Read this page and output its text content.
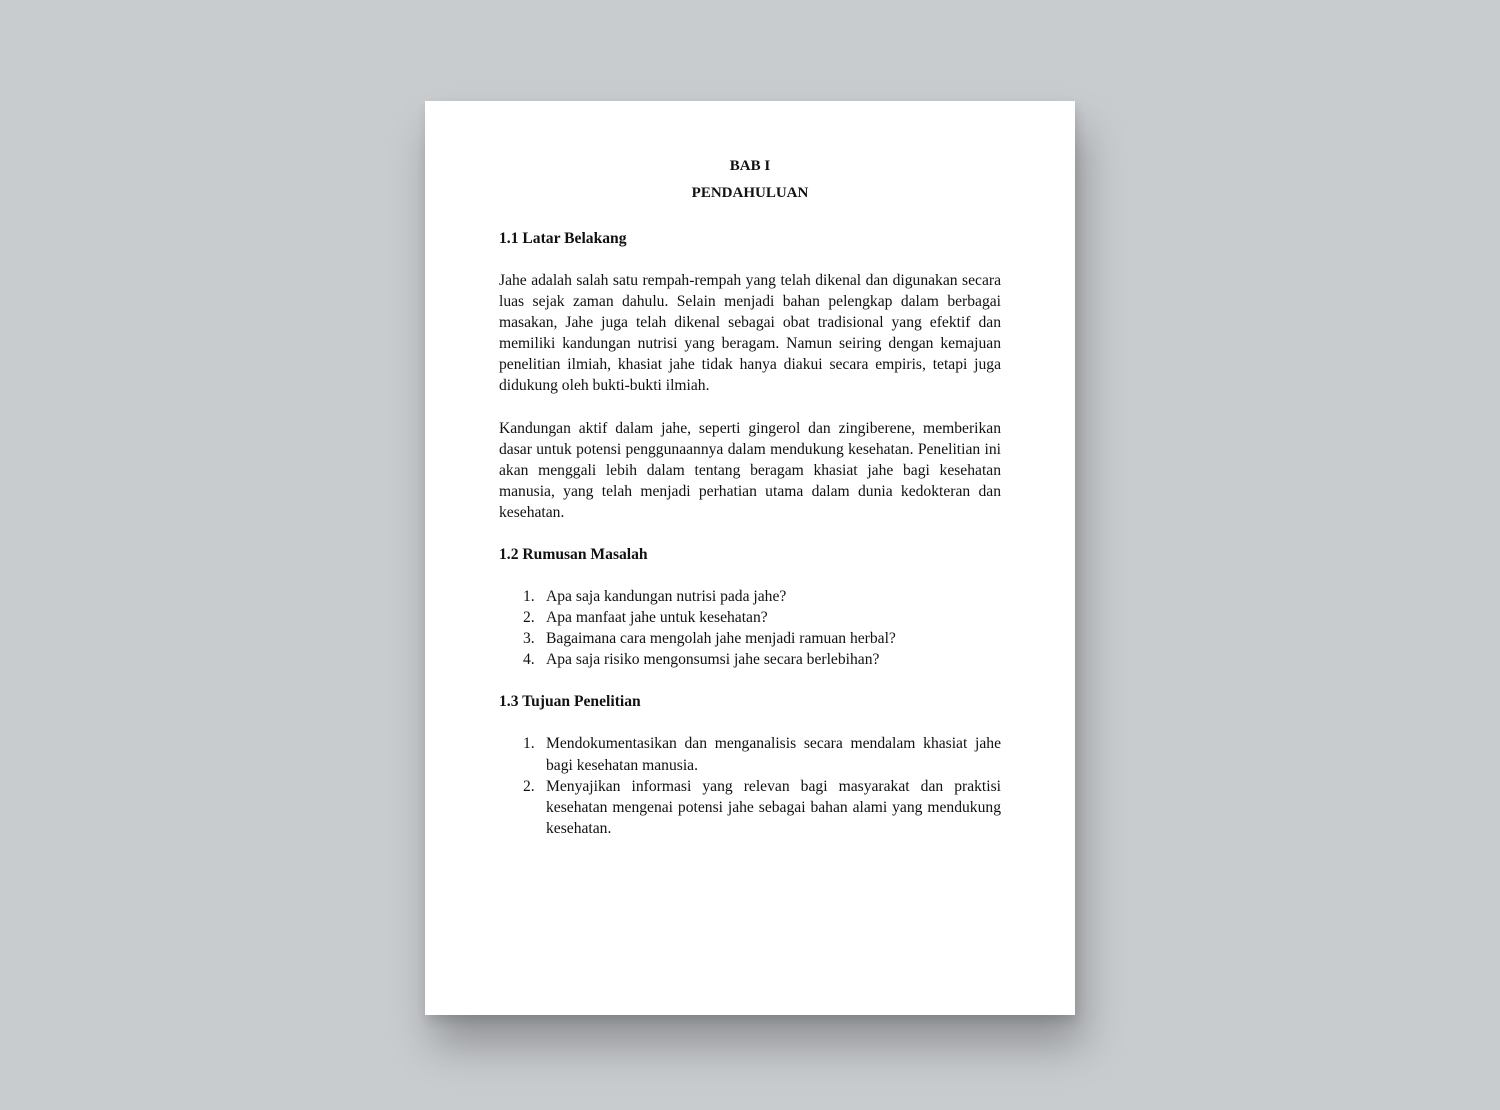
BAB I
PENDAHULUAN
1.1 Latar Belakang

Jahe adalah salah satu rempah-rempah yang telah dikenal dan digunakan secara luas sejak zaman dahulu. Selain menjadi bahan pelengkap dalam berbagai masakan, Jahe juga telah dikenal sebagai obat tradisional yang efektif dan memiliki kandungan nutrisi yang beragam. Namun seiring dengan kemajuan penelitian ilmiah, khasiat jahe tidak hanya diakui secara empiris, tetapi juga didukung oleh bukti-bukti ilmiah.

Kandungan aktif dalam jahe, seperti gingerol dan zingiberene, memberikan dasar untuk potensi penggunaannya dalam mendukung kesehatan. Penelitian ini akan menggali lebih dalam tentang beragam khasiat jahe bagi kesehatan manusia, yang telah menjadi perhatian utama dalam dunia kedokteran dan kesehatan.

1.2 Rumusan Masalah
1. Apa saja kandungan nutrisi pada jahe?
2. Apa manfaat jahe untuk kesehatan?
3. Bagaimana cara mengolah jahe menjadi ramuan herbal?
4. Apa saja risiko mengonsumsi jahe secara berlebihan?
1.3 Tujuan Penelitian
1. Mendokumentasikan dan menganalisis secara mendalam khasiat jahe bagi kesehatan manusia.
2. Menyajikan informasi yang relevan bagi masyarakat dan praktisi kesehatan mengenai potensi jahe sebagai bahan alami yang mendukung kesehatan.
